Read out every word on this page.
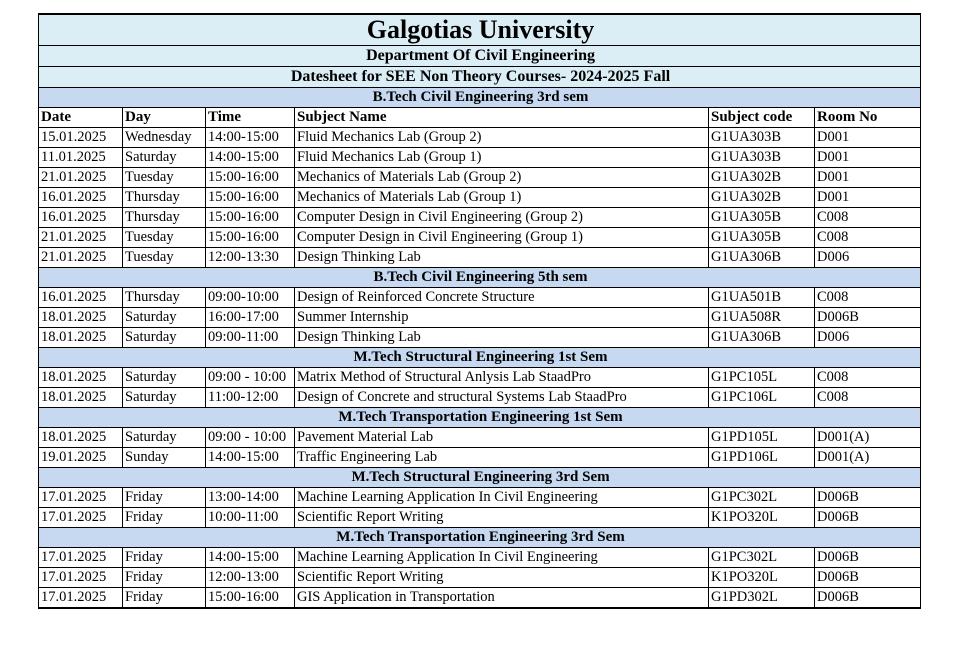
Galgotias University					
Department Of Civil Engineering					
Datesheet for SEE Non Theory Courses- 2024-2025 Fall					
B.Tech Civil Engineering 3rd sem					
Date	Day	Time	Subject Name	Subject code	Room No
15.01.2025	Wednesday	14:00-15:00	Fluid Mechanics Lab (Group 2)	G1UA303B	D001
11.01.2025	Saturday	14:00-15:00	Fluid Mechanics Lab (Group 1)	G1UA303B	D001
21.01.2025	Tuesday	15:00-16:00	Mechanics of Materials Lab (Group 2)	G1UA302B	D001
16.01.2025	Thursday	15:00-16:00	Mechanics of Materials Lab (Group 1)	G1UA302B	D001
16.01.2025	Thursday	15:00-16:00	Computer Design in Civil Engineering (Group 2)	G1UA305B	C008
21.01.2025	Tuesday	15:00-16:00	Computer Design in Civil Engineering (Group 1)	G1UA305B	C008
21.01.2025	Tuesday	12:00-13:30	Design Thinking Lab	G1UA306B	D006
B.Tech Civil Engineering 5th sem					
16.01.2025	Thursday	09:00-10:00	Design of Reinforced Concrete Structure	G1UA501B	C008
18.01.2025	Saturday	16:00-17:00	Summer Internship	G1UA508R	D006B
18.01.2025	Saturday	09:00-11:00	Design Thinking Lab	G1UA306B	D006
M.Tech Structural Engineering 1st Sem					
18.01.2025	Saturday	09:00 - 10:00	Matrix Method of Structural Anlysis Lab StaadPro	G1PC105L	C008
18.01.2025	Saturday	11:00-12:00	Design of Concrete and structural Systems Lab StaadPro	G1PC106L	C008
M.Tech Transportation Engineering 1st Sem					
18.01.2025	Saturday	09:00 - 10:00	Pavement Material Lab	G1PD105L	D001(A)
19.01.2025	Sunday	14:00-15:00	Traffic Engineering Lab	G1PD106L	D001(A)
M.Tech Structural Engineering 3rd Sem					
17.01.2025	Friday	13:00-14:00	Machine Learning Application In Civil Engineering	G1PC302L	D006B
17.01.2025	Friday	10:00-11:00	Scientific Report Writing	K1PO320L	D006B
M.Tech Transportation Engineering 3rd Sem					
17.01.2025	Friday	14:00-15:00	Machine Learning Application In Civil Engineering	G1PC302L	D006B
17.01.2025	Friday	12:00-13:00	Scientific Report Writing	K1PO320L	D006B
17.01.2025	Friday	15:00-16:00	GIS Application in Transportation	G1PD302L	D006B
